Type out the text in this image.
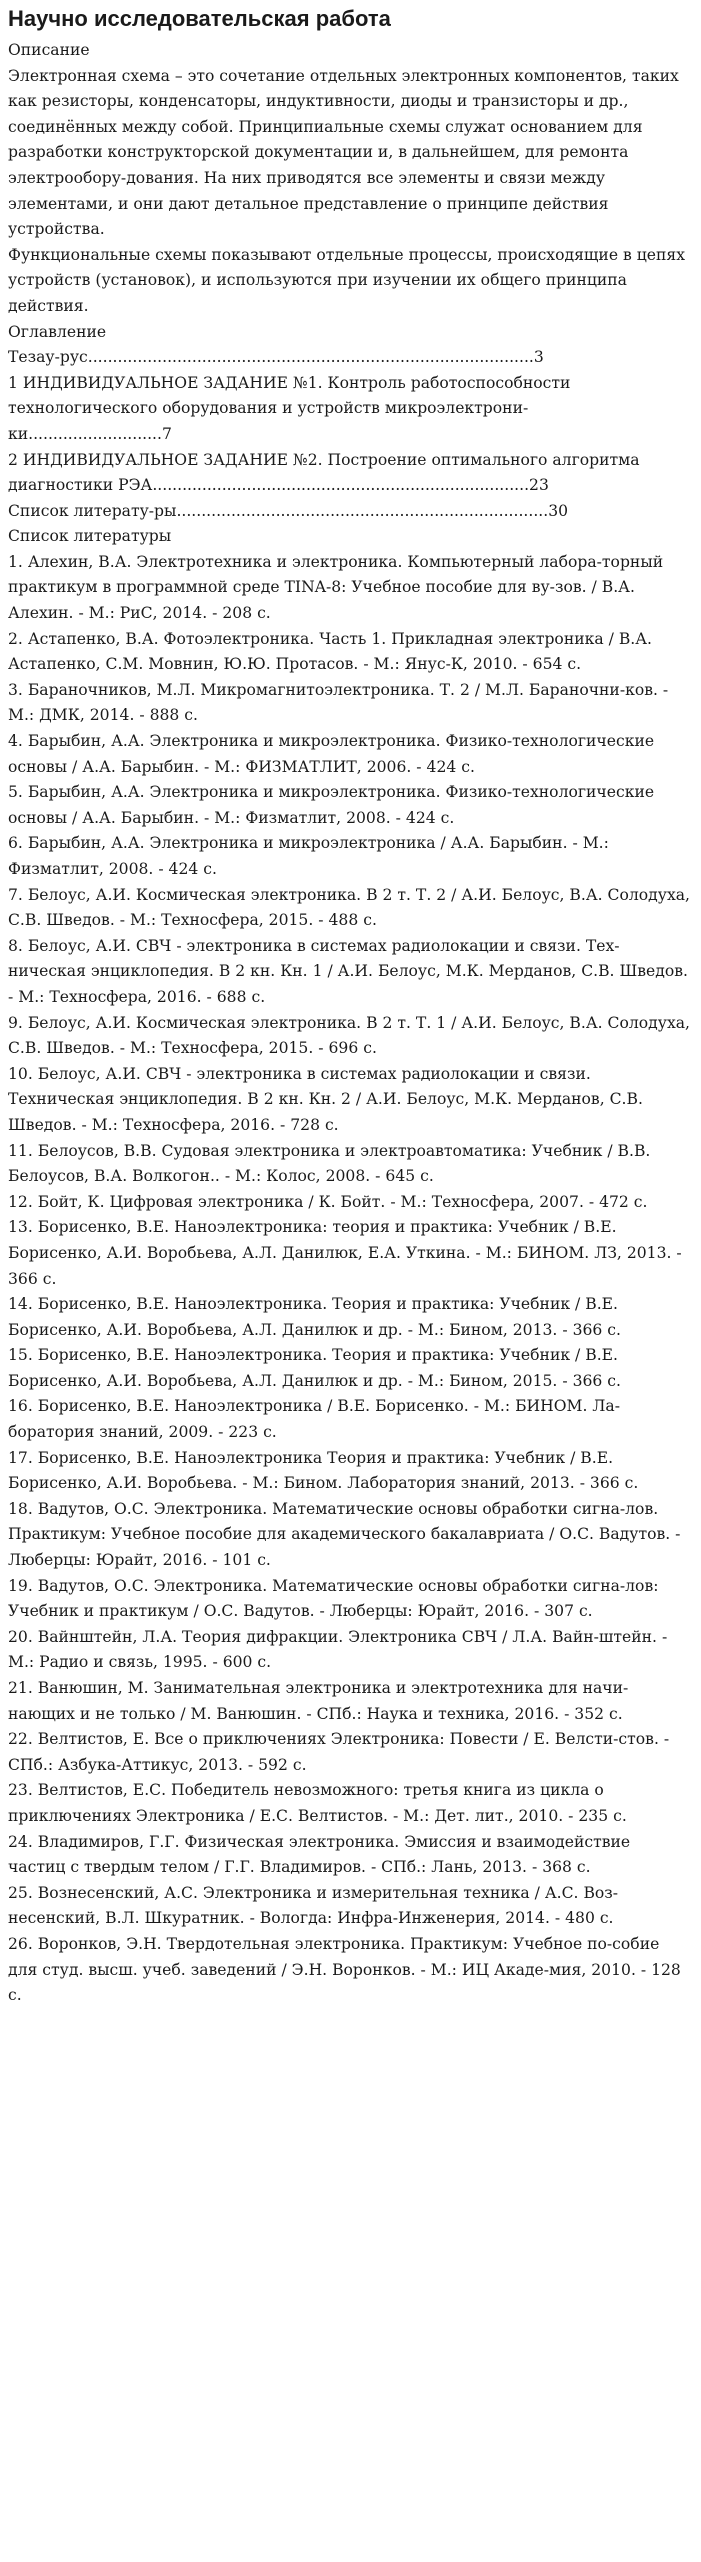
Научно исследовательская работа

Описание

Электронная схема – это сочетание отдельных электронных компонентов, таких как резисторы, конденсаторы, индуктивности, диоды и транзисторы и др., соединённых между собой. Принципиальные схемы служат основанием для разработки конструкторской документации и, в дальнейшем, для ремонта электрообору-дования. На них приводятся все элементы и связи между элементами, и они дают детальное представление о принципе действия устройства.

Функциональные схемы показывают отдельные процессы, происходящие в цепях устройств (установок), и используются при изучении их общего принципа действия.

Оглавление

Тезау-рус..........................................................................................3

1 ИНДИВИДУАЛЬНОЕ ЗАДАНИЕ №1. Контроль работоспособности технологического оборудования и устройств микроэлектрони-ки...........................7

2 ИНДИВИДУАЛЬНОЕ ЗАДАНИЕ №2. Построение оптимального алгоритма диагностики РЭА............................................................................23

Список литерату-ры...........................................................................30

Список литературы

1. Алехин, В.А. Электротехника и электроника. Компьютерный лабора-торный практикум в программной среде TINA-8: Учебное пособие для ву-зов. / В.А. Алехин. - М.: РиС, 2014. - 208 c.
2. Астапенко, В.А. Фотоэлектроника. Часть 1. Прикладная электроника / В.А. Астапенко, С.М. Мовнин, Ю.Ю. Протасов. - М.: Янус-К, 2010. - 654 c.
3. Бараночников, М.Л. Микромагнитоэлектроника. Т. 2 / М.Л. Бараночни-ков. - М.: ДМК, 2014. - 888 c.
4. Барыбин, А.А. Электроника и микроэлектроника. Физико-технологические основы / А.А. Барыбин. - М.: ФИЗМАТЛИТ, 2006. - 424 c.
5. Барыбин, А.А. Электроника и микроэлектроника. Физико-технологические основы / А.А. Барыбин. - М.: Физматлит, 2008. - 424 c.
6. Барыбин, А.А. Электроника и микроэлектроника / А.А. Барыбин. - М.: Физматлит, 2008. - 424 c.
7. Белоус, А.И. Космическая электроника. В 2 т. Т. 2 / А.И. Белоус, В.А. Солодуха, С.В. Шведов. - М.: Техносфера, 2015. - 488 c.
8. Белоус, А.И. СВЧ - электроника в системах радиолокации и связи. Тех-ническая энциклопедия. В 2 кн. Кн. 1 / А.И. Белоус, М.К. Мерданов, С.В. Шведов. - М.: Техносфера, 2016. - 688 c.
9. Белоус, А.И. Космическая электроника. В 2 т. Т. 1 / А.И. Белоус, В.А. Солодуха, С.В. Шведов. - М.: Техносфера, 2015. - 696 c.
10. Белоус, А.И. СВЧ - электроника в системах радиолокации и связи. Техническая энциклопедия. В 2 кн. Кн. 2 / А.И. Белоус, М.К. Мерданов, С.В. Шведов. - М.: Техносфера, 2016. - 728 c.
11. Белоусов, В.В. Судовая электроника и электроавтоматика: Учебник / В.В. Белоусов, В.А. Волкогон.. - М.: Колос, 2008. - 645 c.
12. Бойт, К. Цифровая электроника / К. Бойт. - М.: Техносфера, 2007. - 472 c.
13. Борисенко, В.Е. Наноэлектроника: теория и практика: Учебник / В.Е. Борисенко, А.И. Воробьева, А.Л. Данилюк, Е.А. Уткина. - М.: БИНОМ. ЛЗ, 2013. - 366 c.
14. Борисенко, В.Е. Наноэлектроника. Теория и практика: Учебник / В.Е. Борисенко, А.И. Воробьева, А.Л. Данилюк и др. - М.: Бином, 2013. - 366 c.
15. Борисенко, В.Е. Наноэлектроника. Теория и практика: Учебник / В.Е. Борисенко, А.И. Воробьева, А.Л. Данилюк и др. - М.: Бином, 2015. - 366 c.
16. Борисенко, В.Е. Наноэлектроника / В.Е. Борисенко. - М.: БИНОМ. Ла-боратория знаний, 2009. - 223 c.
17. Борисенко, В.Е. Наноэлектроника Теория и практика: Учебник / В.Е. Борисенко, А.И. Воробьева. - М.: Бином. Лаборатория знаний, 2013. - 366 c.
18. Вадутов, О.С. Электроника. Математические основы обработки сигна-лов. Практикум: Учебное пособие для академического бакалавриата / О.С. Вадутов. - Люберцы: Юрайт, 2016. - 101 c.
19. Вадутов, О.С. Электроника. Математические основы обработки сигна-лов: Учебник и практикум / О.С. Вадутов. - Люберцы: Юрайт, 2016. - 307 c.
20. Вайнштейн, Л.А. Теория дифракции. Электроника СВЧ / Л.А. Вайн-штейн. - М.: Радио и связь, 1995. - 600 c.
21. Ванюшин, М. Занимательная электроника и электротехника для начи-нающих и не только / М. Ванюшин. - СПб.: Наука и техника, 2016. - 352 c.
22. Велтистов, Е. Все о приключениях Электроника: Повести / Е. Велсти-стов. - СПб.: Азбука-Аттикус, 2013. - 592 c.
23. Велтистов, Е.С. Победитель невозможного: третья книга из цикла о приключениях Электроника / Е.С. Велтистов. - М.: Дет. лит., 2010. - 235 c.
24. Владимиров, Г.Г. Физическая электроника. Эмиссия и взаимодействие частиц с твердым телом / Г.Г. Владимиров. - СПб.: Лань, 2013. - 368 c.
25. Вознесенский, А.С. Электроника и измерительная техника / А.С. Воз-несенский, В.Л. Шкуратник. - Вологда: Инфра-Инженерия, 2014. - 480 c.
26. Воронков, Э.Н. Твердотельная электроника. Практикум: Учебное по-собие для студ. высш. учеб. заведений / Э.Н. Воронков. - М.: ИЦ Акаде-мия, 2010. - 128 c.
